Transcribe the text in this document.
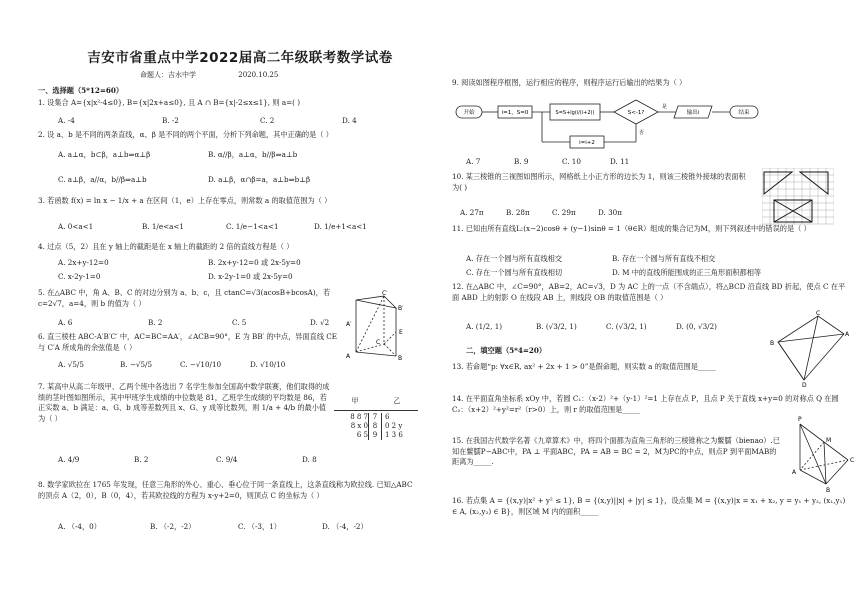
吉安市省重点中学2022届高二年级联考数学试卷
命题人：吉水中学	2020.10.25
一、选择题（5*12=60）
1. 设集合 A={x|x²-4≤0}, B={x|2x+a≤0}, 且 A ∩ B={x|-2≤x≤1}, 则 a=( )
A. -4	B. -2	C. 2	D. 4
2. 设 a、b 是不同的两条直线，α、β 是不同的两个平面，分析下列命题，其中正确的是（ ）
A. a⊥α，b⊂β，a⊥b⇒α⊥β	B. α//β，a⊥α，b//β⇒a⊥b
C. a⊥β，a//α，b//β⇒a⊥b	D. a⊥β，α∩β=a，a⊥b⇒b⊥β
3. 若函数 f(x) = ln x − 1/x + a 在区间（1，e）上存在零点，则常数 a 的取值范围为（ ）
A. 0<a<1	B. 1/e<a<1	C. 1/e−1<a<1	D. 1/e+1<a<1
4. 过点（5，2）且在 y 轴上的截距是在 x 轴上的截距的 2 倍的直线方程是（ ）
A. 2x+y-12=0	B. 2x+y-12=0 或 2x-5y=0
C. x-2y-1=0	D. x-2y-1=0 或 2x-5y=0
5. 在△ABC 中，角 A、B、C 的对边分别为 a、b、c，且 ctanC=√3(acosB+bcosA)，若 c=2√7，a=4，则 b 的值为（ ）
A. 6	B. 2	C. 5	D. √2
6. 直三棱柱 ABC-A′B′C′ 中，AC=BC=AA′，∠ACB=90°，E 为 BB′ 的中点，异面直线 CE 与 C′A 所成角的余弦值是（ ）
A. √5/5	B. −√5/5	C. −√10/10	D. √10/10
A′
B′
C′
A	B
C
E
7. 某高中从高二年级甲、乙两个班中各选出 7 名学生参加全国高中数学联赛，他们取得的成绩的茎叶图如图所示，其中甲班学生成绩的中位数是 81，乙班学生成绩的平均数是 86，若正实数 a、b 满足：a、G、b 成等差数列且 x、G、y 成等比数列，则 1/a + 4/b 的最小值为（ ）
A. 4/9	B. 2	C. 9/4	D. 8
甲	乙
8 8 7 7	6
8 x 0 8	0 2 y
6 5 9	1 3 6
8. 数学家欧拉在 1765 年发现，任意三角形的外心、重心、垂心位于同一条直线上，这条直线称为欧拉线. 已知△ABC 的顶点 A（2，0），B（0，4），若其欧拉线的方程为 x-y+2=0，则顶点 C 的坐标为（ ）
A. （-4，0）	B. （-2，-2）	C. （-3，1）	D. （-4，-2）
9. 阅读如图程序框图，运行相应的程序，则程序运行后输出的结果为（ ）
开始	i=1，S=0	S=S+lg(i/(i+2))	S<-1?	输出i	结束
i=i+2
是
否
A. 7	B. 9	C. 10	D. 11
10. 某三棱锥的三视图如图所示，网格纸上小正方形的边长为 1，则该三棱锥外接球的表面积为( )
A. 27π	B. 28π	C. 29π	D. 30π
11. 已知由所有直线L:(x−2)cosθ + (y−1)sinθ = 1（θ∈R）组成的集合记为M，则下列叙述中的错误的是（ ）
A. 存在一个圆与所有直线相交	B. 存在一个圆与所有直线不相交
C. 存在一个圆与所有直线相切	D. M 中的直线所能围成的正三角形面积都相等
12. 在△ABC 中，∠C=90°，AB=2，AC=√3，D 为 AC 上的一点（不含端点），将△BCD 沿直线 BD 折起，使点 C 在平面 ABD 上的射影 O 在线段 AB 上，则线段 OB 的取值范围是（ ）
A. (1/2, 1)	B. (√3/2, 1)	C. (√3/2, 1)	D. (0, √3/2)
B
C
A
D
二，填空题（5*4=20）
13. 若命题“p: ∀x∈R, ax² + 2x + 1 > 0”是假命题，则实数 a 的取值范围是_____
14. 在平面直角坐标系 xOy 中，若圆 C₁：（x-2）²+（y-1）²=1 上存在点 P，且点 P 关于直线 x+y=0 的对称点 Q 在圆 C₂：（x+2）²+y²=r²（r>0）上，则 r 的取值范围是_____
15. 在我国古代数学名著《九章算术》中，将四个面都为直角三角形的三棱锥称之为鳖臑（bienao）.已知在鳖臑P−ABC中，PA ⊥ 平面ABC，PA = AB = BC = 2，M为PC的中点，则点P 到平面MAB的距离为_____.
P
M
A
B
C
16. 若点集 A = {(x,y)|x² + y² ≤ 1}, B = {(x,y)||x| + |y| ≤ 1}，设点集 M = {(x,y)|x = x₁ + x₂, y = y₁ + y₂, (x₁,y₁) ∈ A, (x₂,y₂) ∈ B}，则区域 M 内的面积_____
